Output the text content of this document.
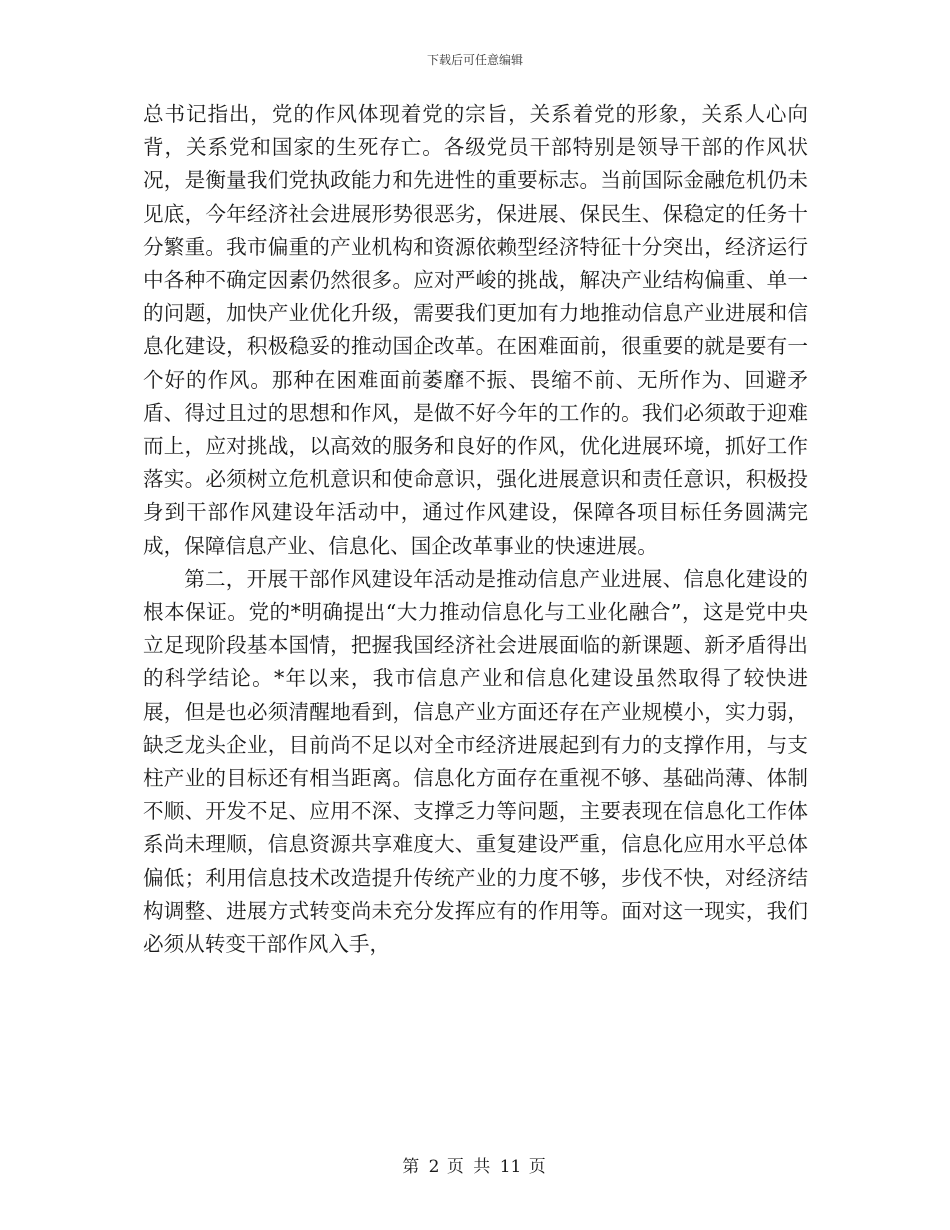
下载后可任意编辑

总书记指出，党的作风体现着党的宗旨，关系着党的形象，关系人心向背，关系党和国家的生死存亡。各级党员干部特别是领导干部的作风状况，是衡量我们党执政能力和先进性的重要标志。当前国际金融危机仍未见底，今年经济社会进展形势很恶劣，保进展、保民生、保稳定的任务十分繁重。我市偏重的产业机构和资源依赖型经济特征十分突出，经济运行中各种不确定因素仍然很多。应对严峻的挑战，解决产业结构偏重、单一的问题，加快产业优化升级，需要我们更加有力地推动信息产业进展和信息化建设，积极稳妥的推动国企改革。在困难面前，很重要的就是要有一个好的作风。那种在困难面前萎靡不振、畏缩不前、无所作为、回避矛盾、得过且过的思想和作风，是做不好今年的工作的。我们必须敢于迎难而上，应对挑战，以高效的服务和良好的作风，优化进展环境，抓好工作落实。必须树立危机意识和使命意识，强化进展意识和责任意识，积极投身到干部作风建设年活动中，通过作风建设，保障各项目标任务圆满完成，保障信息产业、信息化、国企改革事业的快速进展。

第二，开展干部作风建设年活动是推动信息产业进展、信息化建设的根本保证。党的*明确提出“大力推动信息化与工业化融合”，这是党中央立足现阶段基本国情，把握我国经济社会进展面临的新课题、新矛盾得出的科学结论。*年以来，我市信息产业和信息化建设虽然取得了较快进展，但是也必须清醒地看到，信息产业方面还存在产业规模小，实力弱，缺乏龙头企业，目前尚不足以对全市经济进展起到有力的支撑作用，与支柱产业的目标还有相当距离。信息化方面存在重视不够、基础尚薄、体制不顺、开发不足、应用不深、支撑乏力等问题，主要表现在信息化工作体系尚未理顺，信息资源共享难度大、重复建设严重，信息化应用水平总体偏低；利用信息技术改造提升传统产业的力度不够，步伐不快，对经济结构调整、进展方式转变尚未充分发挥应有的作用等。面对这一现实，我们必须从转变干部作风入手，

第 2 页 共 11 页
